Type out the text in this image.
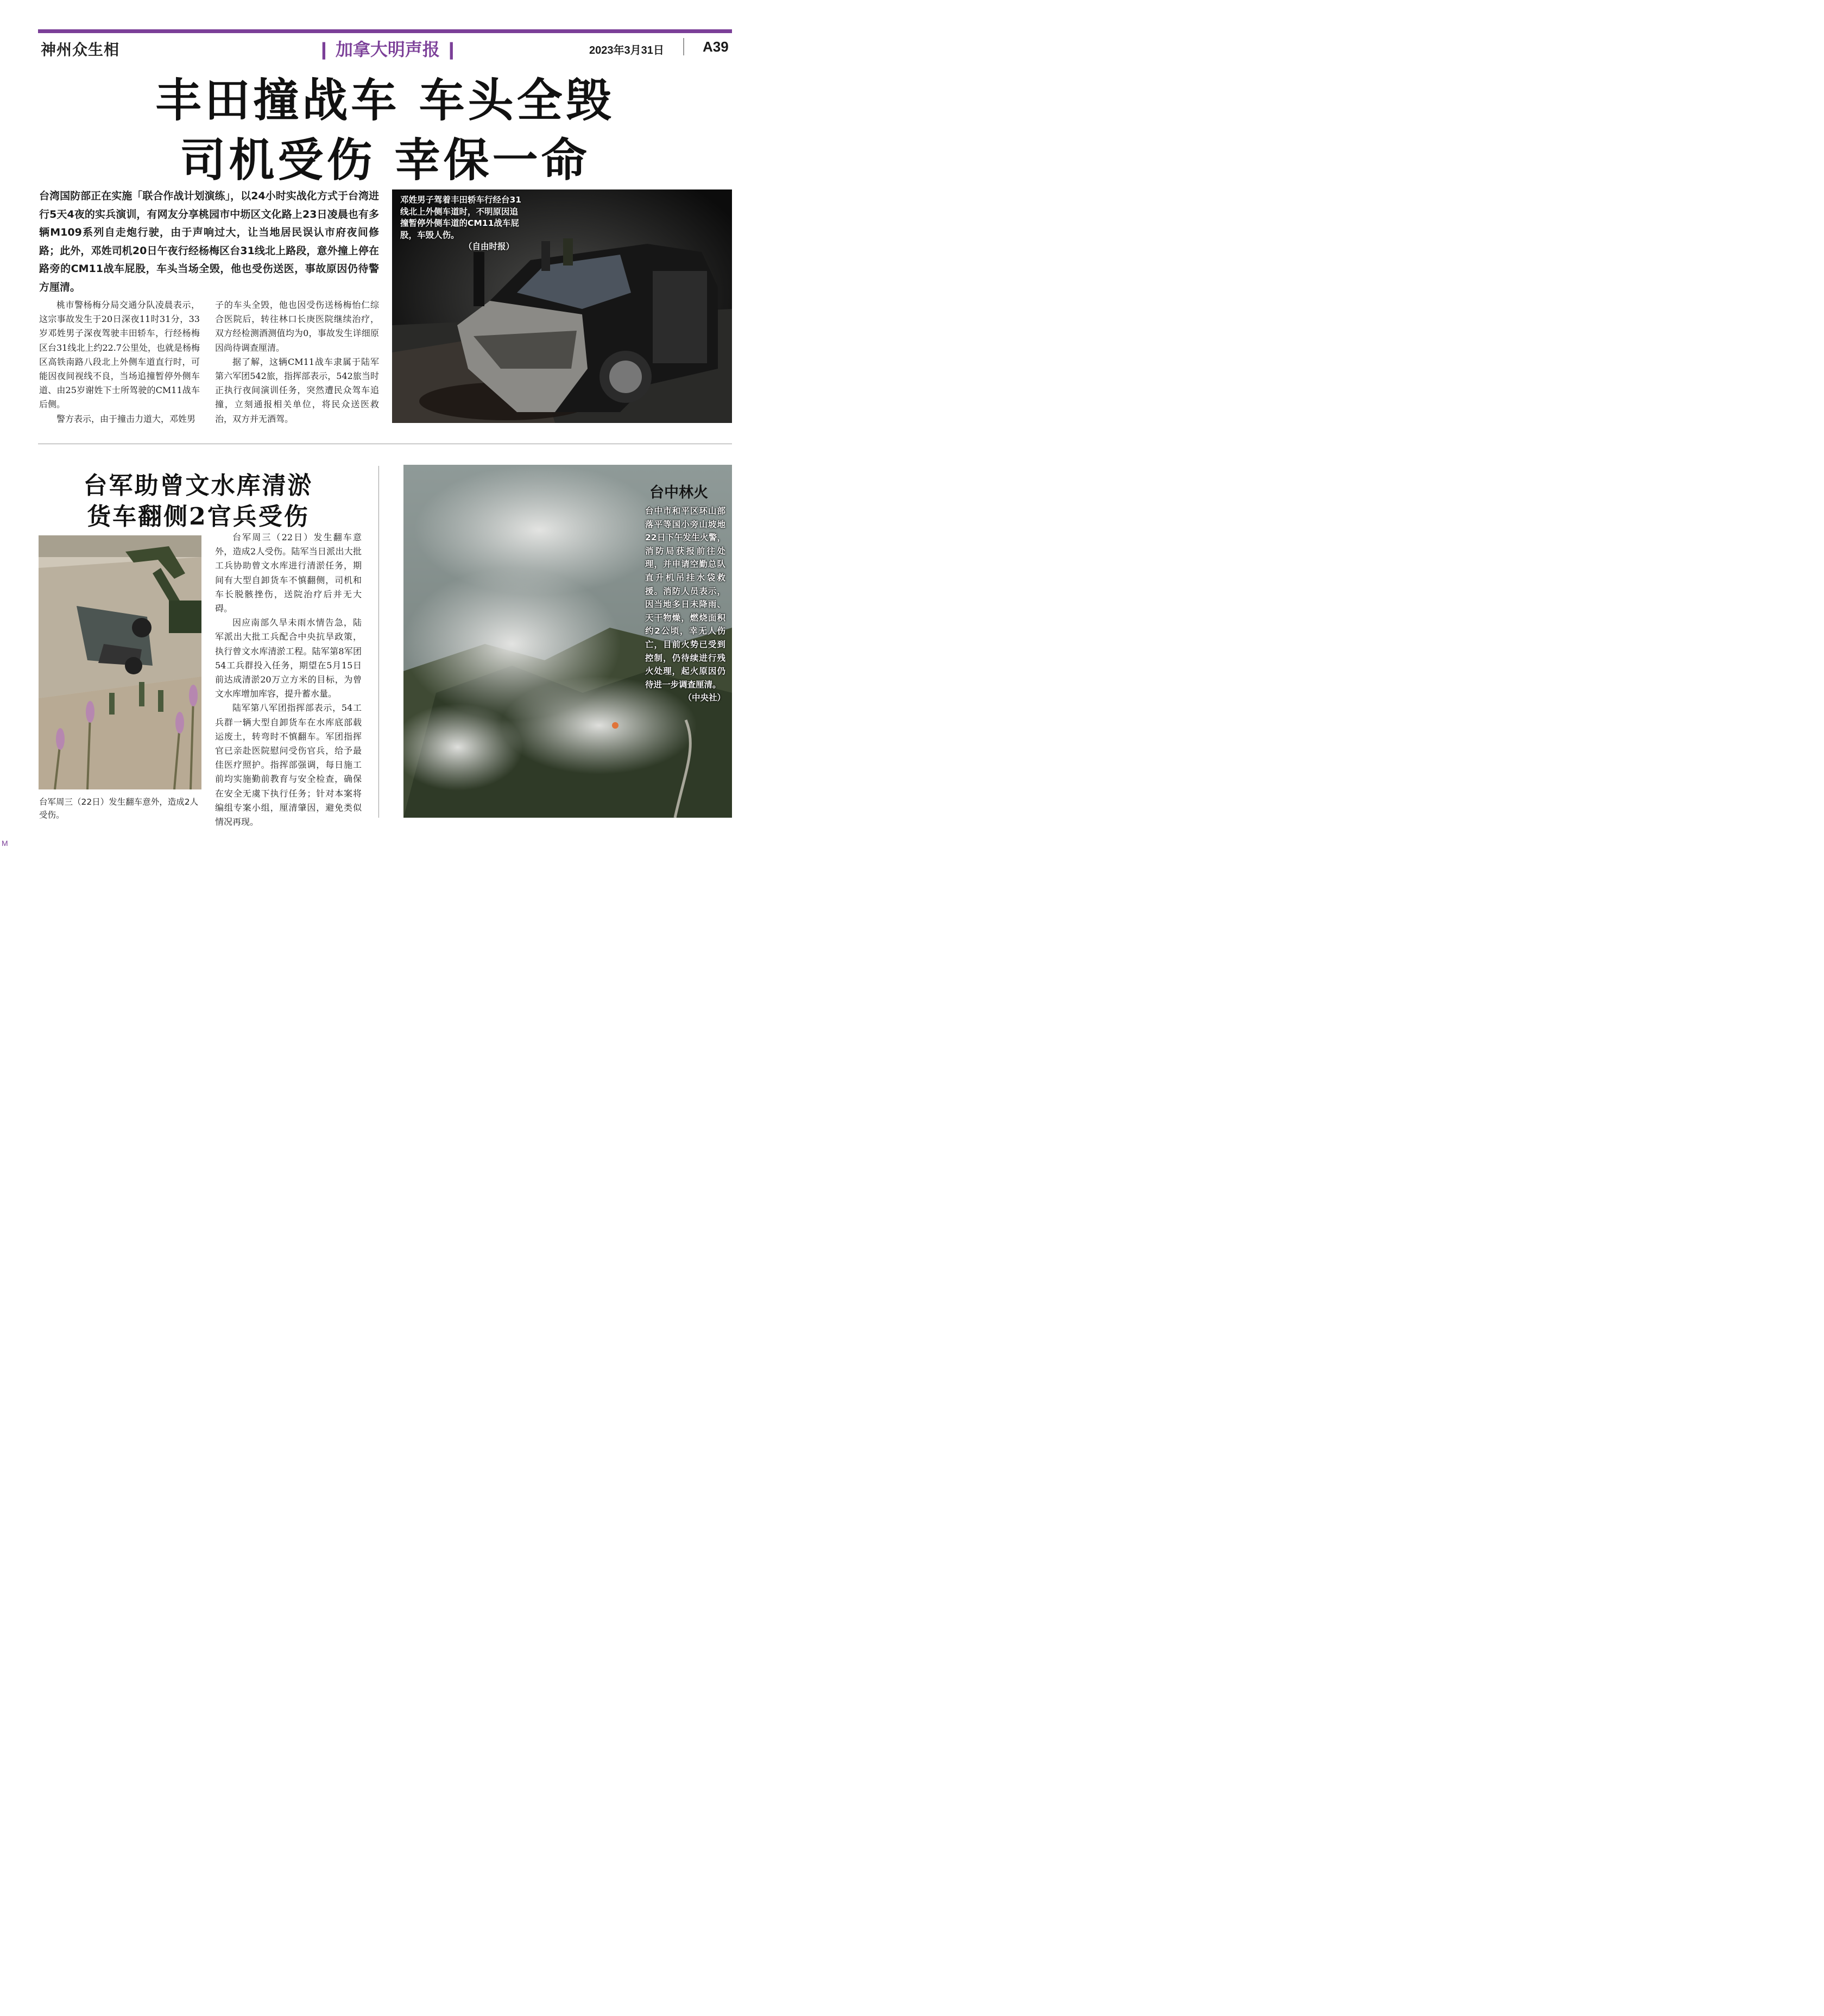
神州众生相	❙ 加拿大明声报 ❙	2023年3月31日	A39
丰田撞战车 车头全毁
司机受伤 幸保一命
台湾国防部正在实施「联合作战计划演练」，以24小时实战化方式于台湾进行5天4夜的实兵演训，有网友分享桃园市中坜区文化路上23日凌晨也有多辆M109系列自走炮行驶，由于声响过大，让当地居民误认市府夜间修路；此外，邓姓司机20日午夜行经杨梅区台31线北上路段，意外撞上停在路旁的CM11战车屁股，车头当场全毁，他也受伤送医，事故原因仍待警方厘清。

桃市警杨梅分局交通分队凌晨表示，这宗事故发生于20日深夜11时31分，33岁邓姓男子深夜驾驶丰田轿车，行经杨梅区台31线北上约22.7公里处，也就是杨梅区高铁南路八段北上外侧车道直行时，可能因夜间视线不良，当场追撞暂停外侧车道、由25岁谢姓下士所驾驶的CM11战车后侧。

警方表示，由于撞击力道大，邓姓男

子的车头全毁，他也因受伤送杨梅怡仁综合医院后，转往林口长庚医院继续治疗，双方经检测酒测值均为0，事故发生详细原因尚待调查厘清。

据了解，这辆CM11战车隶属于陆军第六军团542旅，指挥部表示，542旅当时正执行夜间演训任务，突然遭民众驾车追撞，立刻通报相关单位，将民众送医救治，双方并无酒驾。

邓姓男子驾着丰田轿车行经台31线北上外侧车道时，不明原因追撞暂停外侧车道的CM11战车屁股，车毁人伤。
（自由时报）
台军助曾文水库清淤
货车翻侧2官兵受伤
台军周三（22日）发生翻车意外，造成2人受伤。

台军周三（22日）发生翻车意外，造成2人受伤。陆军当日派出大批工兵协助曾文水库进行清淤任务，期间有大型自卸货车不慎翻侧，司机和车长脱骸挫伤，送院治疗后并无大碍。

因应南部久旱未雨水情告急，陆军派出大批工兵配合中央抗旱政策，执行曾文水库清淤工程。陆军第8军团54工兵群投入任务，期望在5月15日前达成清淤20万立方米的目标，为曾文水库增加库容，提升蓄水量。

陆军第八军团指挥部表示，54工兵群一辆大型自卸货车在水库底部载运废土，转弯时不慎翻车。军团指挥官已亲赴医院慰问受伤官兵，给予最佳医疗照护。指挥部强调，每日施工前均实施勤前教育与安全检查，确保在安全无虞下执行任务；针对本案将编组专案小组，厘清肇因，避免类似情况再现。

台中林火
台中市和平区环山部落平等国小旁山坡地22日下午发生火警，消防局获报前往处理，并申请空勤总队直升机吊挂水袋救援。消防人员表示，因当地多日未降雨、天干物燥，燃烧面积约2公顷，幸无人伤亡，目前火势已受到控制，仍待续进行残火处理，起火原因仍待进一步调查厘清。
（中央社）
M
